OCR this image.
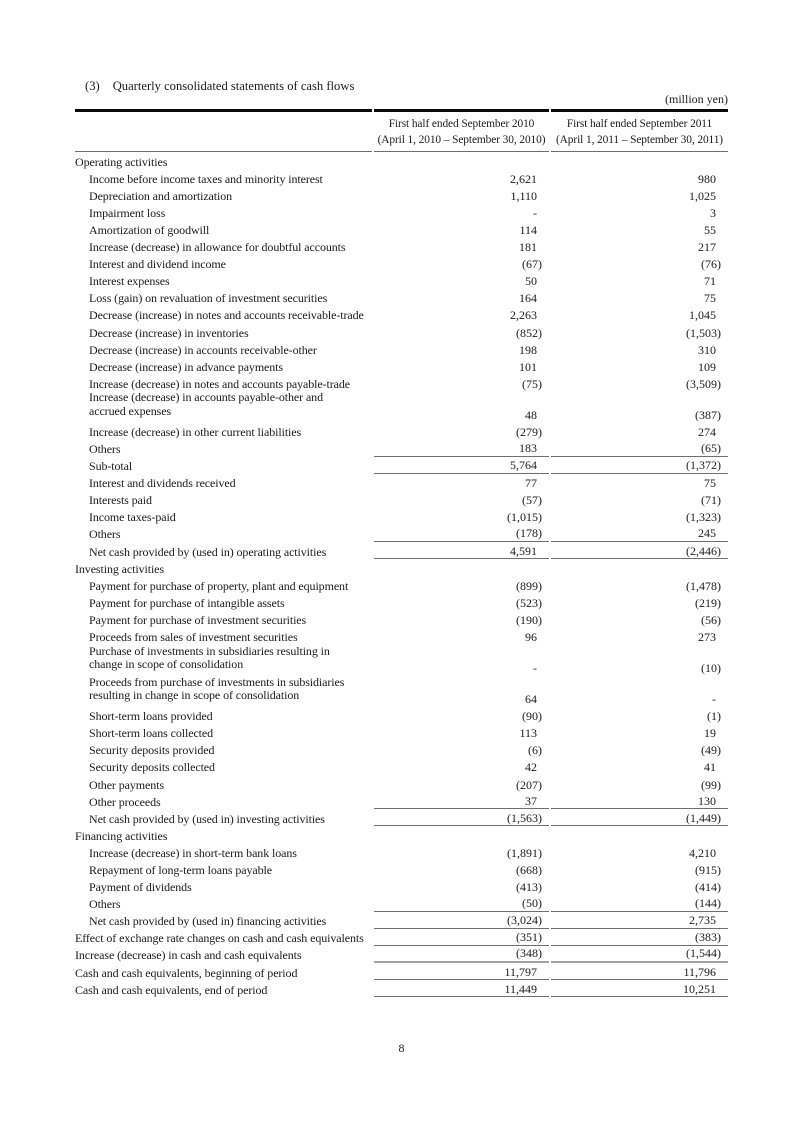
(3) Quarterly consolidated statements of cash flows
(million yen)
First half ended September 2010
(April 1, 2010 – September 30, 2010)
First half ended September 2011
(April 1, 2011 – September 30, 2011)
Operating activities
Income before income taxes and minority interest	2,621	980
Depreciation and amortization	1,110	1,025
Impairment loss	-	3
Amortization of goodwill	114	55
Increase (decrease) in allowance for doubtful accounts	181	217
Interest and dividend income	(67)	(76)
Interest expenses	50	71
Loss (gain) on revaluation of investment securities	164	75
Decrease (increase) in notes and accounts receivable-trade	2,263	1,045
Decrease (increase) in inventories	(852)	(1,503)
Decrease (increase) in accounts receivable-other	198	310
Decrease (increase) in advance payments	101	109
Increase (decrease) in notes and accounts payable-trade	(75)	(3,509)
Increase (decrease) in accounts payable-other and
accrued expenses	48	(387)
Increase (decrease) in other current liabilities	(279)	274
Others	183	(65)
Sub-total	5,764	(1,372)
Interest and dividends received	77	75
Interests paid	(57)	(71)
Income taxes-paid	(1,015)	(1,323)
Others	(178)	245
Net cash provided by (used in) operating activities	4,591	(2,446)
Investing activities
Payment for purchase of property, plant and equipment	(899)	(1,478)
Payment for purchase of intangible assets	(523)	(219)
Payment for purchase of investment securities	(190)	(56)
Proceeds from sales of investment securities	96	273
Purchase of investments in subsidiaries resulting in
change in scope of consolidation	-	(10)
Proceeds from purchase of investments in subsidiaries
resulting in change in scope of consolidation	64	-
Short-term loans provided	(90)	(1)
Short-term loans collected	113	19
Security deposits provided	(6)	(49)
Security deposits collected	42	41
Other payments	(207)	(99)
Other proceeds	37	130
Net cash provided by (used in) investing activities	(1,563)	(1,449)
Financing activities
Increase (decrease) in short-term bank loans	(1,891)	4,210
Repayment of long-term loans payable	(668)	(915)
Payment of dividends	(413)	(414)
Others	(50)	(144)
Net cash provided by (used in) financing activities	(3,024)	2,735
Effect of exchange rate changes on cash and cash equivalents	(351)	(383)
Increase (decrease) in cash and cash equivalents	(348)	(1,544)
Cash and cash equivalents, beginning of period	11,797	11,796
Cash and cash equivalents, end of period	11,449	10,251
8
